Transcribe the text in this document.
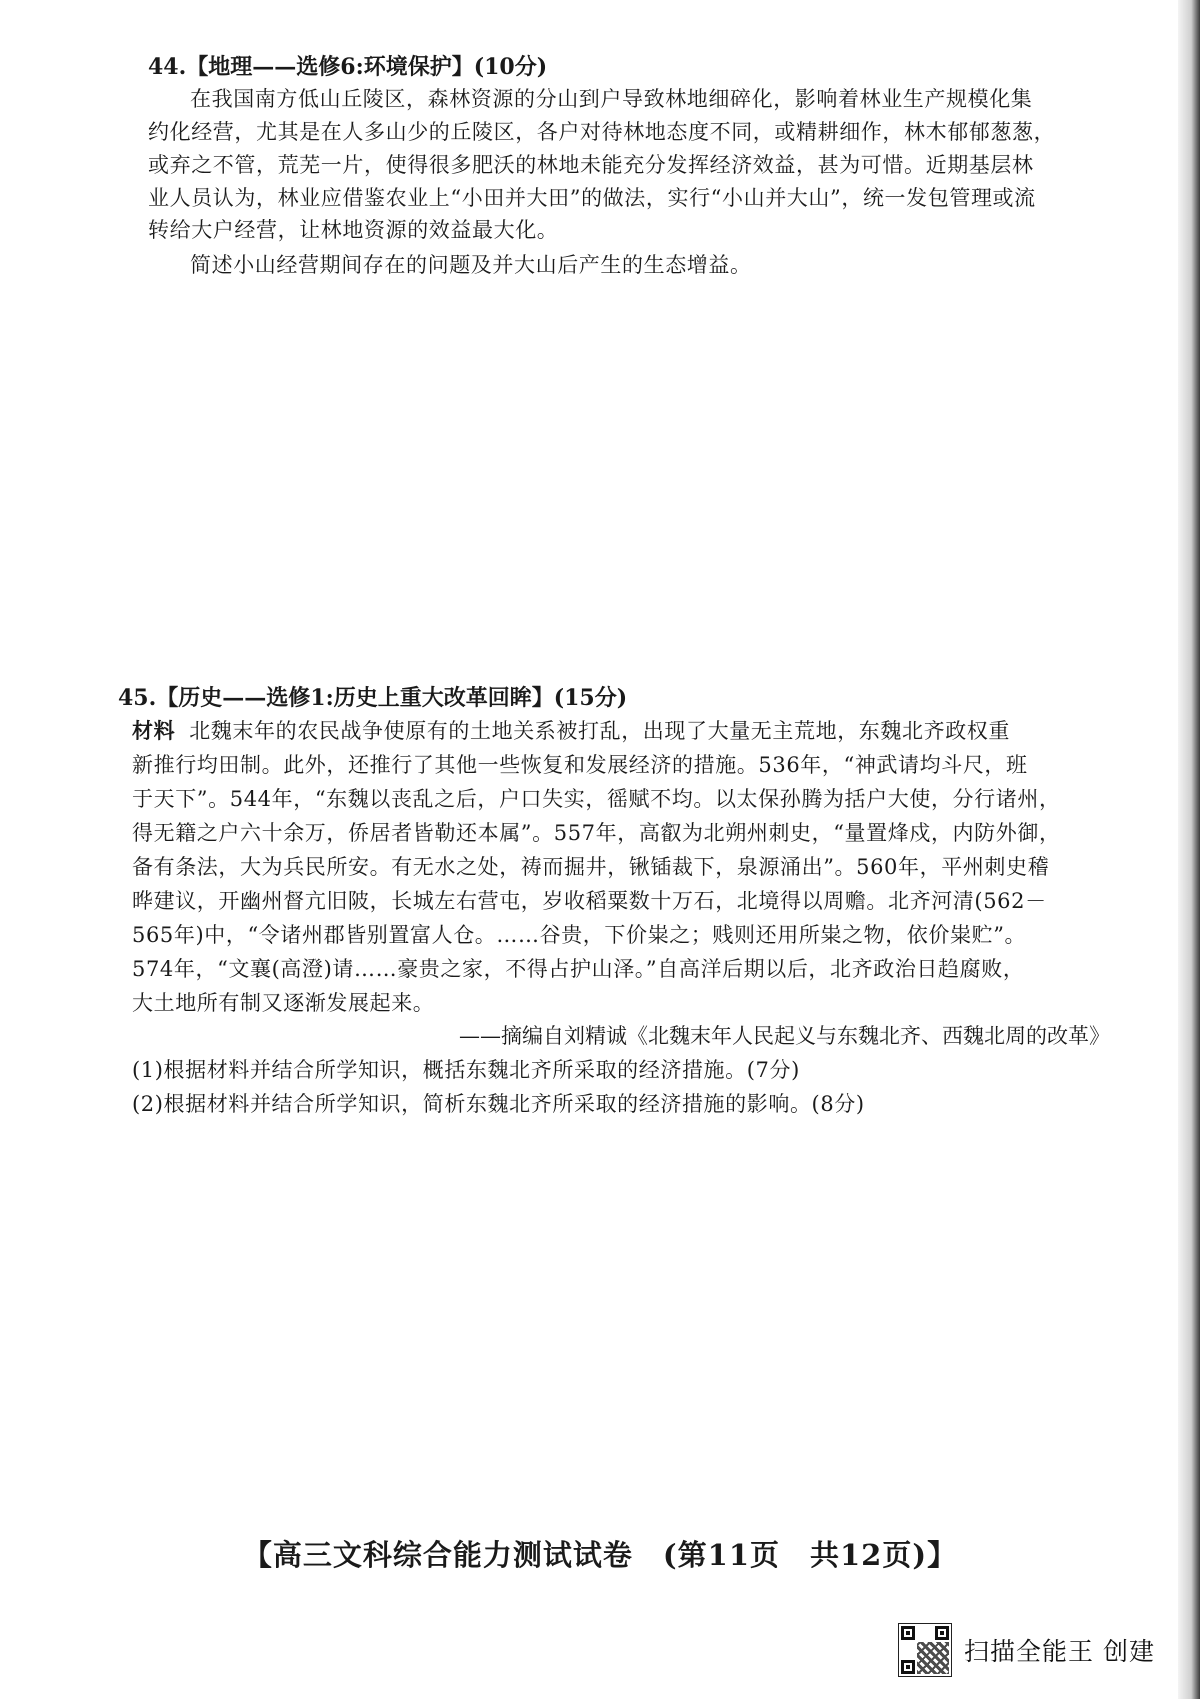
44.【地理——选修6:环境保护】(10分)
在我国南方低山丘陵区，森林资源的分山到户导致林地细碎化，影响着林业生产规模化集
约化经营，尤其是在人多山少的丘陵区，各户对待林地态度不同，或精耕细作，林木郁郁葱葱，
或弃之不管，荒芜一片，使得很多肥沃的林地未能充分发挥经济效益，甚为可惜。近期基层林
业人员认为，林业应借鉴农业上“小田并大田”的做法，实行“小山并大山”，统一发包管理或流
转给大户经营，让林地资源的效益最大化。
简述小山经营期间存在的问题及并大山后产生的生态增益。
45.【历史——选修1:历史上重大改革回眸】(15分)
材料 北魏末年的农民战争使原有的土地关系被打乱，出现了大量无主荒地，东魏北齐政权重
新推行均田制。此外，还推行了其他一些恢复和发展经济的措施。536年，“神武请均斗尺，班
于天下”。544年，“东魏以丧乱之后，户口失实，徭赋不均。以太保孙腾为括户大使，分行诸州，
得无籍之户六十余万，侨居者皆勒还本属”。557年，高叡为北朔州刺史，“量置烽戍，内防外御，
备有条法，大为兵民所安。有无水之处，祷而掘井，锹锸裁下，泉源涌出”。560年，平州刺史稽
晔建议，开幽州督亢旧陂，长城左右营屯，岁收稻粟数十万石，北境得以周赡。北齐河清(562－
565年)中，“令诸州郡皆别置富人仓。……谷贵，下价粜之；贱则还用所粜之物，依价粜贮”。
574年，“文襄(高澄)请……豪贵之家，不得占护山泽。”自高洋后期以后，北齐政治日趋腐败，
大土地所有制又逐渐发展起来。
——摘编自刘精诚《北魏末年人民起义与东魏北齐、西魏北周的改革》
(1)根据材料并结合所学知识，概括东魏北齐所采取的经济措施。(7分)
(2)根据材料并结合所学知识，简析东魏北齐所采取的经济措施的影响。(8分)
【高三文科综合能力测试试卷　(第11页　共12页)】
扫描全能王 创建
